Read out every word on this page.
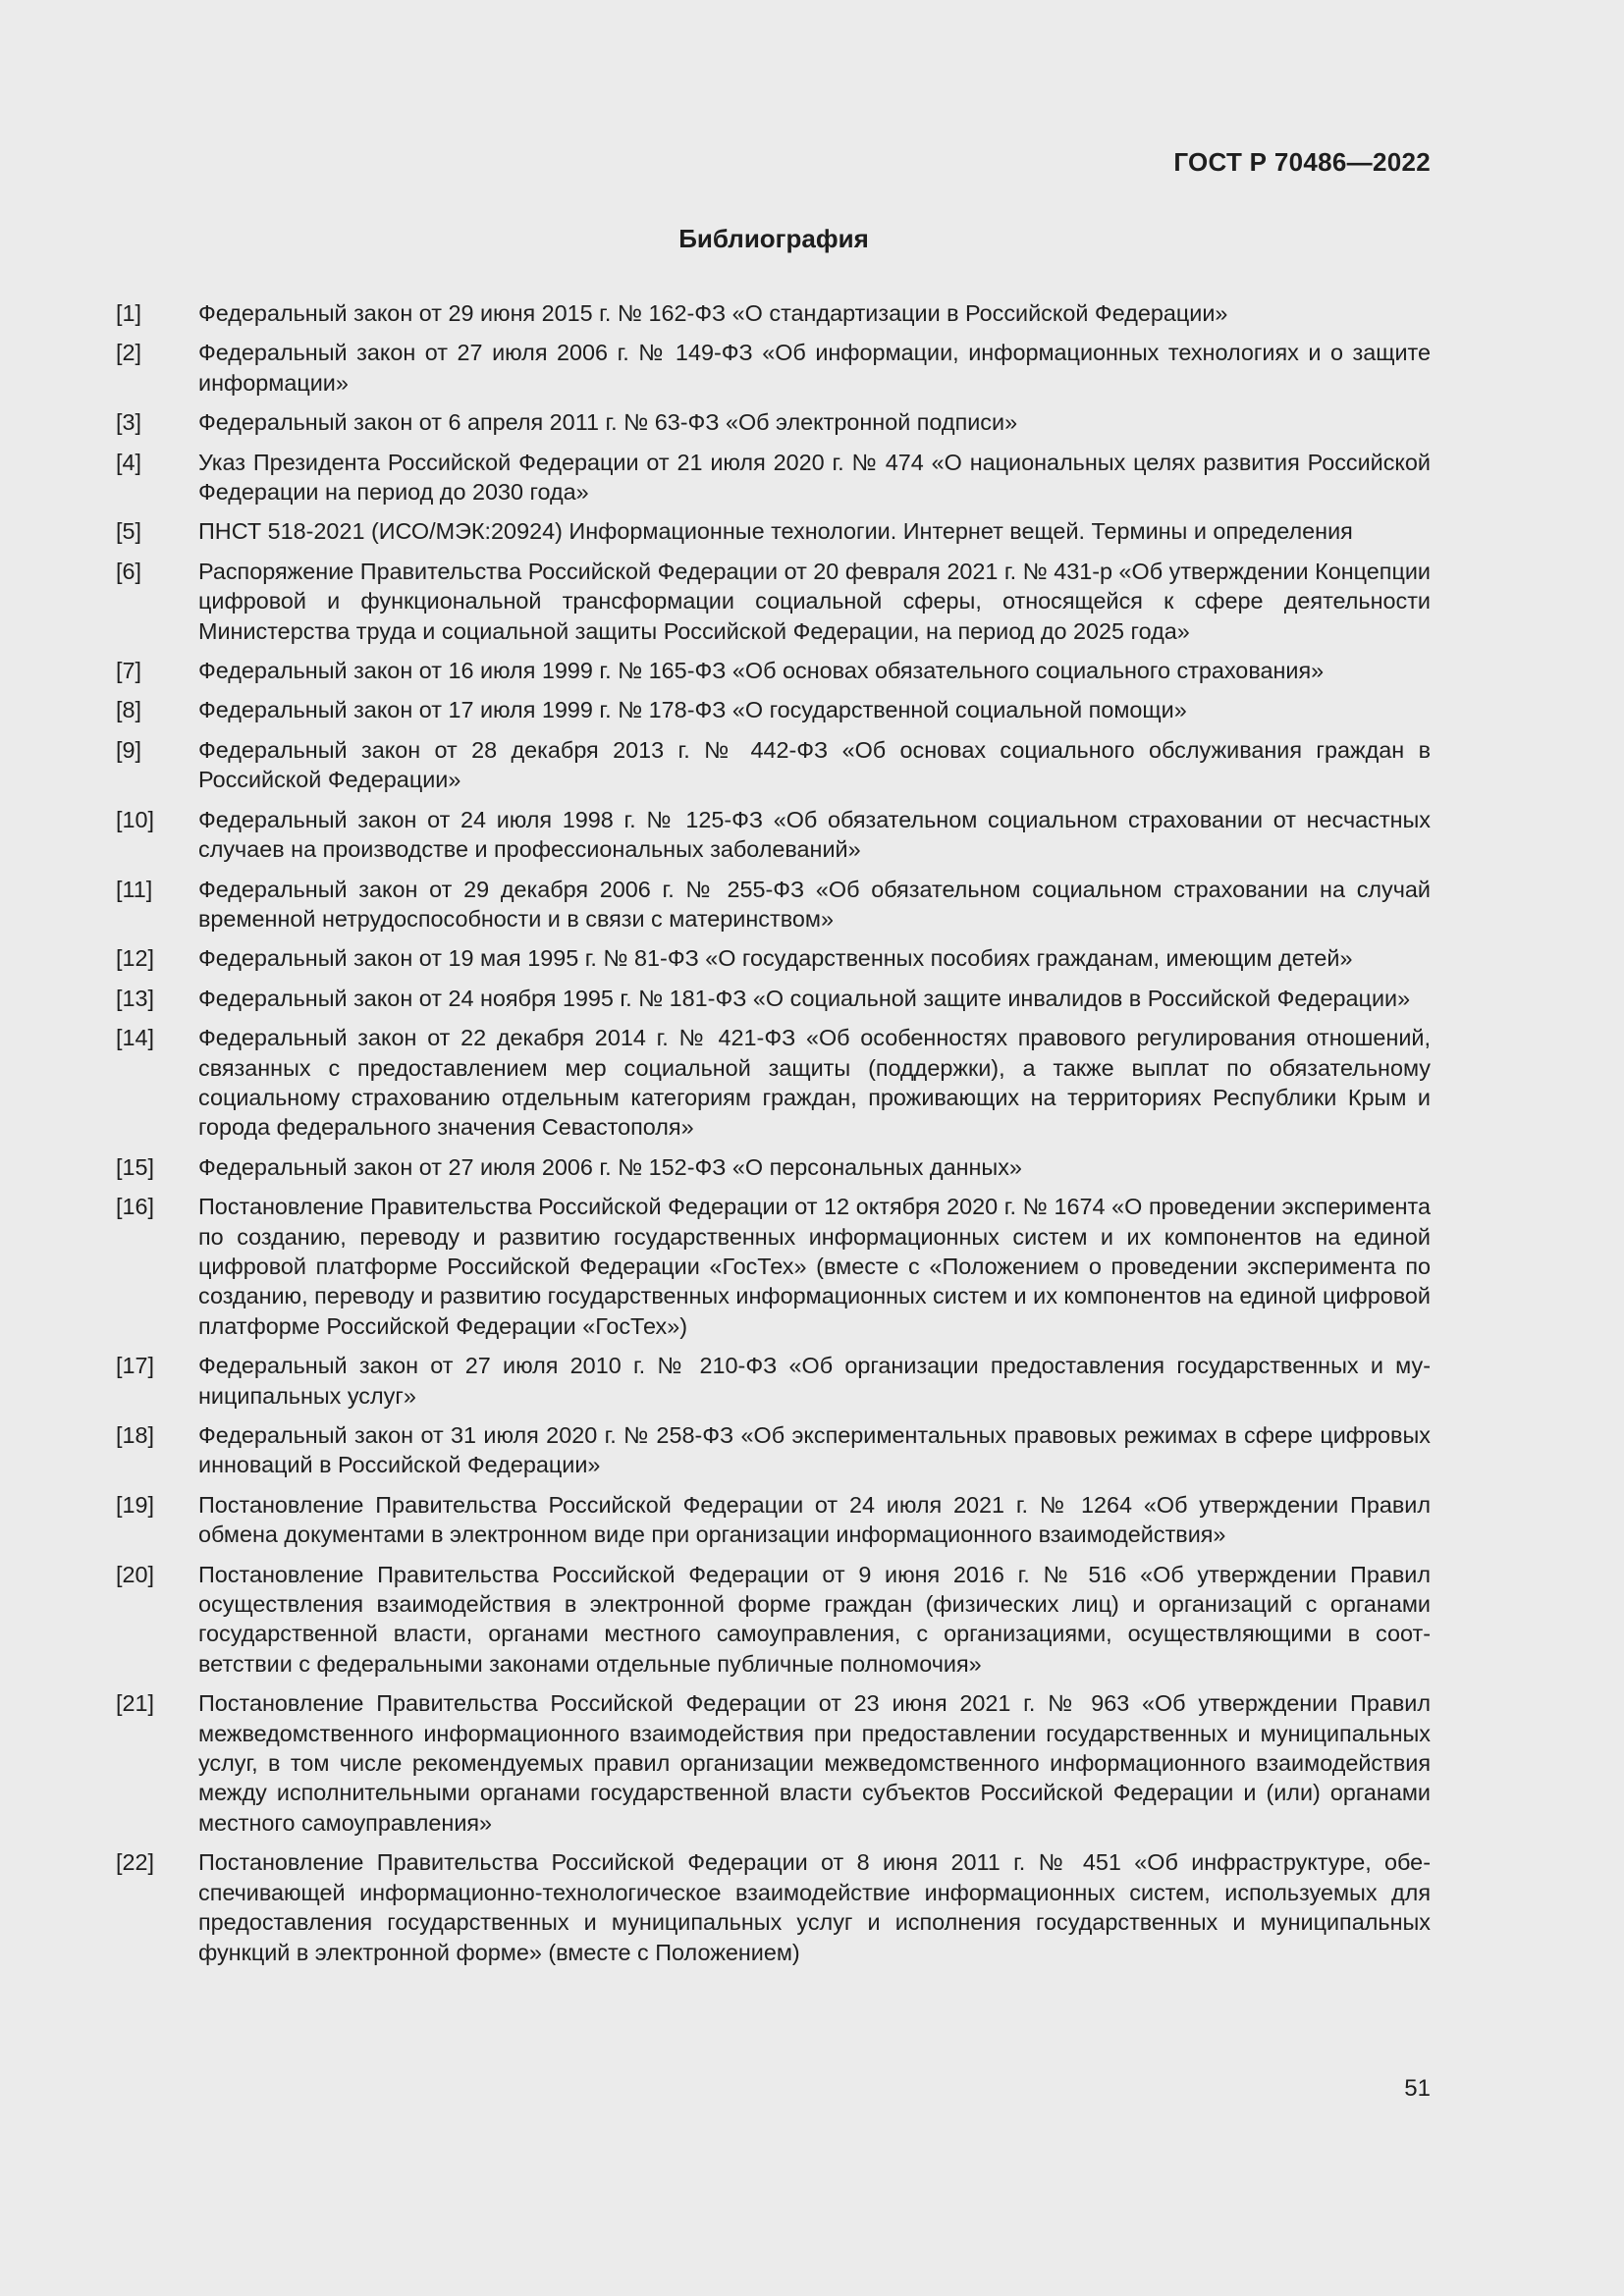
ГОСТ Р 70486—2022
Библиография
[1]	Федеральный закон от 29 июня 2015 г. № 162-ФЗ «О стандартизации в Российской Федерации»
[2]	Федеральный закон от 27 июля 2006 г. № 149-ФЗ «Об информации, информационных технологиях и о защите информации»
[3]	Федеральный закон от 6 апреля 2011 г. № 63-ФЗ «Об электронной подписи»
[4]	Указ Президента Российской Федерации от 21 июля 2020 г. № 474 «О национальных целях развития Российской Федерации на период до 2030 года»
[5]	ПНСТ 518-2021 (ИСО/МЭК:20924) Информационные технологии. Интернет вещей. Термины и определения
[6]	Распоряжение Правительства Российской Федерации от 20 февраля 2021 г. № 431-р «Об утверждении Концепции цифровой и функциональной трансформации социальной сферы, относящейся к сфере деятельности Министерства труда и социальной защиты Российской Федерации, на период до 2025 года»
[7]	Федеральный закон от 16 июля 1999 г. № 165-ФЗ «Об основах обязательного социального страхования»
[8]	Федеральный закон от 17 июля 1999 г. № 178-ФЗ «О государственной социальной помощи»
[9]	Федеральный закон от 28 декабря 2013 г. № 442-ФЗ «Об основах социального обслуживания граждан в Российской Федерации»
[10]	Федеральный закон от 24 июля 1998 г. № 125-ФЗ «Об обязательном социальном страховании от несчастных случаев на производстве и профессиональных заболеваний»
[11]	Федеральный закон от 29 декабря 2006 г. № 255-ФЗ «Об обязательном социальном страховании на случай временной нетрудоспособности и в связи с материнством»
[12]	Федеральный закон от 19 мая 1995 г. № 81-ФЗ «О государственных пособиях гражданам, имеющим детей»
[13]	Федеральный закон от 24 ноября 1995 г. № 181-ФЗ «О социальной защите инвалидов в Российской Федерации»
[14]	Федеральный закон от 22 декабря 2014 г. № 421-ФЗ «Об особенностях правового регулирования отношений, связанных с предоставлением мер социальной защиты (поддержки), а также выплат по обязательному социальному страхованию отдельным категориям граждан, проживающих на территориях Республики Крым и города федерального значения Севастополя»
[15]	Федеральный закон от 27 июля 2006 г. № 152-ФЗ «О персональных данных»
[16]	Постановление Правительства Российской Федерации от 12 октября 2020 г. № 1674 «О проведении эксперимента по созданию, переводу и развитию государственных информационных систем и их компонентов на единой цифровой платформе Российской Федерации «ГосТех» (вместе с «Положением о проведении эксперимента по созданию, переводу и развитию государственных информационных систем и их компонентов на единой цифровой платформе Российской Федерации «ГосТех»)
[17]	Федеральный закон от 27 июля 2010 г. № 210-ФЗ «Об организации предоставления государственных и муниципальных услуг»
[18]	Федеральный закон от 31 июля 2020 г. № 258-ФЗ «Об экспериментальных правовых режимах в сфере цифровых инноваций в Российской Федерации»
[19]	Постановление Правительства Российской Федерации от 24 июля 2021 г. № 1264 «Об утверждении Правил обмена документами в электронном виде при организации информационного взаимодействия»
[20]	Постановление Правительства Российской Федерации от 9 июня 2016 г. № 516 «Об утверждении Правил осуществления взаимодействия в электронной форме граждан (физических лиц) и организаций с органами государственной власти, органами местного самоуправления, с организациями, осуществляющими в соответствии с федеральными законами отдельные публичные полномочия»
[21]	Постановление Правительства Российской Федерации от 23 июня 2021 г. № 963 «Об утверждении Правил межведомственного информационного взаимодействия при предоставлении государственных и муниципальных услуг, в том числе рекомендуемых правил организации межведомственного информационного взаимодействия между исполнительными органами государственной власти субъектов Российской Федерации и (или) органами местного самоуправления»
[22]	Постановление Правительства Российской Федерации от 8 июня 2011 г. № 451 «Об инфраструктуре, обеспечивающей информационно-технологическое взаимодействие информационных систем, используемых для предоставления государственных и муниципальных услуг и исполнения государственных и муниципальных функций в электронной форме» (вместе с Положением)
51
